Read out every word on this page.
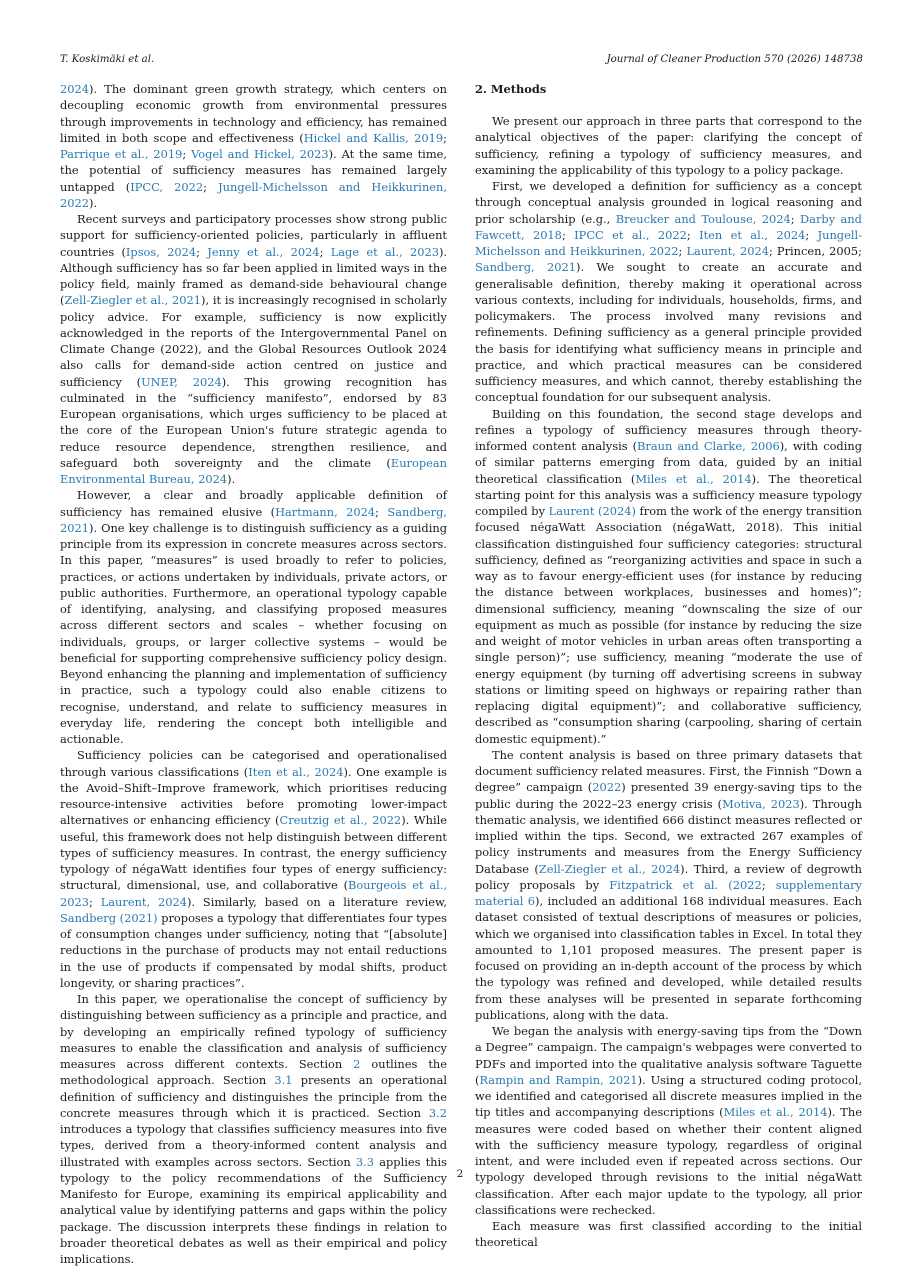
T. Koskimäki et al.	Journal of Cleaner Production 570 (2026) 148738

2024). The dominant green growth strategy, which centers on decoupling economic growth from environmental pressures through improvements in technology and efficiency, has remained limited in both scope and effectiveness (Hickel and Kallis, 2019; Parrique et al., 2019; Vogel and Hickel, 2023). At the same time, the potential of sufficiency measures has remained largely untapped (IPCC, 2022; Jungell-Michelsson and Heikkurinen, 2022).

Recent surveys and participatory processes show strong public support for sufficiency-oriented policies, particularly in affluent countries (Ipsos, 2024; Jenny et al., 2024; Lage et al., 2023). Although sufficiency has so far been applied in limited ways in the policy field, mainly framed as demand-side behavioural change (Zell-Ziegler et al., 2021), it is increasingly recognised in scholarly policy advice. For example, sufficiency is now explicitly acknowledged in the reports of the Intergovernmental Panel on Climate Change (2022), and the Global Resources Outlook 2024 also calls for demand-side action centred on justice and sufficiency (UNEP, 2024). This growing recognition has culminated in the “sufficiency manifesto”, endorsed by 83 European organisations, which urges sufficiency to be placed at the core of the European Union's future strategic agenda to reduce resource dependence, strengthen resilience, and safeguard both sovereignty and the climate (European Environmental Bureau, 2024).

However, a clear and broadly applicable definition of sufficiency has remained elusive (Hartmann, 2024; Sandberg, 2021). One key challenge is to distinguish sufficiency as a guiding principle from its expression in concrete measures across sectors. In this paper, “measures” is used broadly to refer to policies, practices, or actions undertaken by individuals, private actors, or public authorities. Furthermore, an operational typology capable of identifying, analysing, and classifying proposed measures across different sectors and scales – whether focusing on individuals, groups, or larger collective systems – would be beneficial for supporting comprehensive sufficiency policy design. Beyond enhancing the planning and implementation of sufficiency in practice, such a typology could also enable citizens to recognise, understand, and relate to sufficiency measures in everyday life, rendering the concept both intelligible and actionable.

Sufficiency policies can be categorised and operationalised through various classifications (Iten et al., 2024). One example is the Avoid–Shift–Improve framework, which prioritises reducing resource-intensive activities before promoting lower-impact alternatives or enhancing efficiency (Creutzig et al., 2022). While useful, this framework does not help distinguish between different types of sufficiency measures. In contrast, the energy sufficiency typology of négaWatt identifies four types of energy sufficiency: structural, dimensional, use, and collaborative (Bourgeois et al., 2023; Laurent, 2024). Similarly, based on a literature review, Sandberg (2021) proposes a typology that differentiates four types of consumption changes under sufficiency, noting that “[absolute] reductions in the purchase of products may not entail reductions in the use of products if compensated by modal shifts, product longevity, or sharing practices”.

In this paper, we operationalise the concept of sufficiency by distinguishing between sufficiency as a principle and practice, and by developing an empirically refined typology of sufficiency measures to enable the classification and analysis of sufficiency measures across different contexts. Section 2 outlines the methodological approach. Section 3.1 presents an operational definition of sufficiency and distinguishes the principle from the concrete measures through which it is practiced. Section 3.2 introduces a typology that classifies sufficiency measures into five types, derived from a theory-informed content analysis and illustrated with examples across sectors. Section 3.3 applies this typology to the policy recommendations of the Sufficiency Manifesto for Europe, examining its empirical applicability and analytical value by identifying patterns and gaps within the policy package. The discussion interprets these findings in relation to broader theoretical debates as well as their empirical and policy implications.

2. Methods

We present our approach in three parts that correspond to the analytical objectives of the paper: clarifying the concept of sufficiency, refining a typology of sufficiency measures, and examining the applicability of this typology to a policy package.

First, we developed a definition for sufficiency as a concept through conceptual analysis grounded in logical reasoning and prior scholarship (e.g., Breucker and Toulouse, 2024; Darby and Fawcett, 2018; IPCC et al., 2022; Iten et al., 2024; Jungell-Michelsson and Heikkurinen, 2022; Laurent, 2024; Princen, 2005; Sandberg, 2021). We sought to create an accurate and generalisable definition, thereby making it operational across various contexts, including for individuals, households, firms, and policymakers. The process involved many revisions and refinements. Defining sufficiency as a general principle provided the basis for identifying what sufficiency means in principle and practice, and which practical measures can be considered sufficiency measures, and which cannot, thereby establishing the conceptual foundation for our subsequent analysis.

Building on this foundation, the second stage develops and refines a typology of sufficiency measures through theory-informed content analysis (Braun and Clarke, 2006), with coding of similar patterns emerging from data, guided by an initial theoretical classification (Miles et al., 2014). The theoretical starting point for this analysis was a sufficiency measure typology compiled by Laurent (2024) from the work of the energy transition focused négaWatt Association (négaWatt, 2018). This initial classification distinguished four sufficiency categories: structural sufficiency, defined as “reorganizing activities and space in such a way as to favour energy-efficient uses (for instance by reducing the distance between workplaces, businesses and homes)”; dimensional sufficiency, meaning “downscaling the size of our equipment as much as possible (for instance by reducing the size and weight of motor vehicles in urban areas often transporting a single person)”; use sufficiency, meaning “moderate the use of energy equipment (by turning off advertising screens in subway stations or limiting speed on highways or repairing rather than replacing digital equipment)”; and collaborative sufficiency, described as “consumption sharing (carpooling, sharing of certain domestic equipment).”

The content analysis is based on three primary datasets that document sufficiency related measures. First, the Finnish “Down a degree” campaign (2022) presented 39 energy-saving tips to the public during the 2022–23 energy crisis (Motiva, 2023). Through thematic analysis, we identified 666 distinct measures reflected or implied within the tips. Second, we extracted 267 examples of policy instruments and measures from the Energy Sufficiency Database (Zell-Ziegler et al., 2024). Third, a review of degrowth policy proposals by Fitzpatrick et al. (2022; supplementary material 6), included an additional 168 individual measures. Each dataset consisted of textual descriptions of measures or policies, which we organised into classification tables in Excel. In total they amounted to 1,101 proposed measures. The present paper is focused on providing an in-depth account of the process by which the typology was refined and developed, while detailed results from these analyses will be presented in separate forthcoming publications, along with the data.

We began the analysis with energy-saving tips from the “Down a Degree” campaign. The campaign's webpages were converted to PDFs and imported into the qualitative analysis software Taguette (Rampin and Rampin, 2021). Using a structured coding protocol, we identified and categorised all discrete measures implied in the tip titles and accompanying descriptions (Miles et al., 2014). The measures were coded based on whether their content aligned with the sufficiency measure typology, regardless of original intent, and were included even if repeated across sections. Our typology developed through revisions to the initial négaWatt classification. After each major update to the typology, all prior classifications were rechecked.

Each measure was first classified according to the initial theoretical

2
